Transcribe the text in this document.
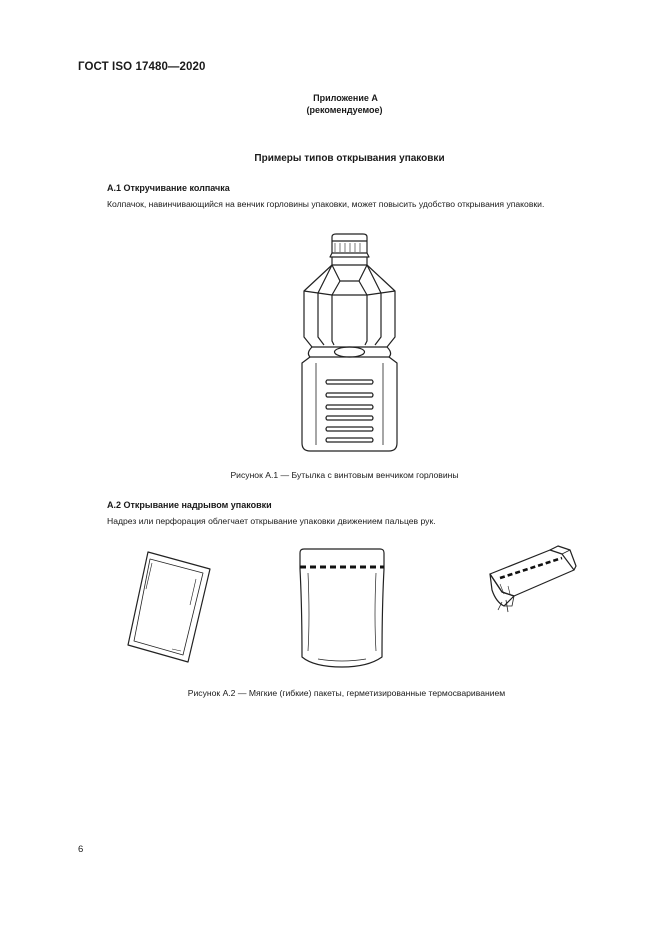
ГОСТ ISO 17480—2020
Приложение А
(рекомендуемое)
Примеры типов открывания упаковки
А.1 Откручивание колпачка
Колпачок, навинчивающийся на венчик горловины упаковки, может повысить удобство открывания упаковки.
Рисунок А.1 — Бутылка с винтовым венчиком горловины
А.2 Открывание надрывом упаковки
Надрез или перфорация облегчает открывание упаковки движением пальцев рук.
Рисунок А.2 — Мягкие (гибкие) пакеты, герметизированные термосвариванием
6
